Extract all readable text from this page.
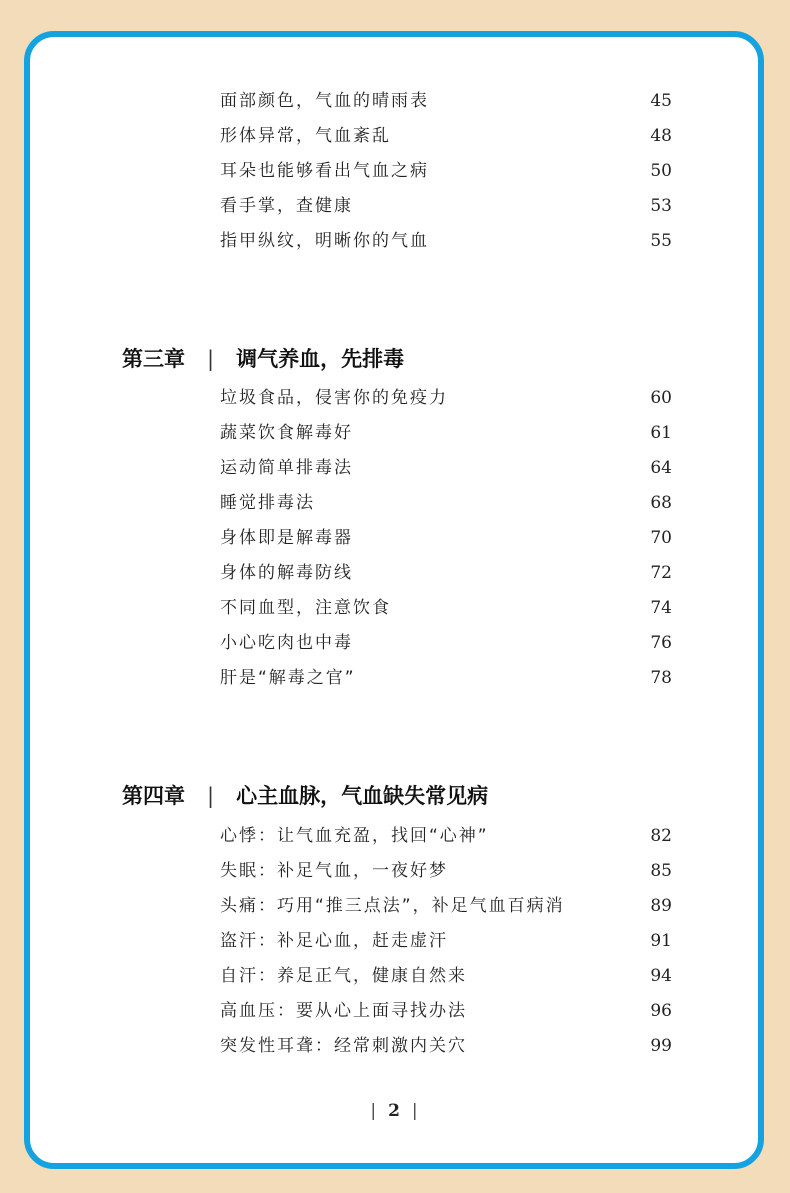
面部颜色，气血的晴雨表	45
形体异常，气血紊乱	48
耳朵也能够看出气血之病	50
看手掌，查健康	53
指甲纵纹，明晰你的气血	55
第三章 | 调气养血，先排毒
垃圾食品，侵害你的免疫力	60
蔬菜饮食解毒好	61
运动简单排毒法	64
睡觉排毒法	68
身体即是解毒器	70
身体的解毒防线	72
不同血型，注意饮食	74
小心吃肉也中毒	76
肝是“解毒之官”	78
第四章 | 心主血脉，气血缺失常见病
心悸：让气血充盈，找回“心神”	82
失眠：补足气血，一夜好梦	85
头痛：巧用“推三点法”，补足气血百病消	89
盗汗：补足心血，赶走虚汗	91
自汗：养足正气，健康自然来	94
高血压：要从心上面寻找办法	96
突发性耳聋：经常刺激内关穴	99
| 2 |
